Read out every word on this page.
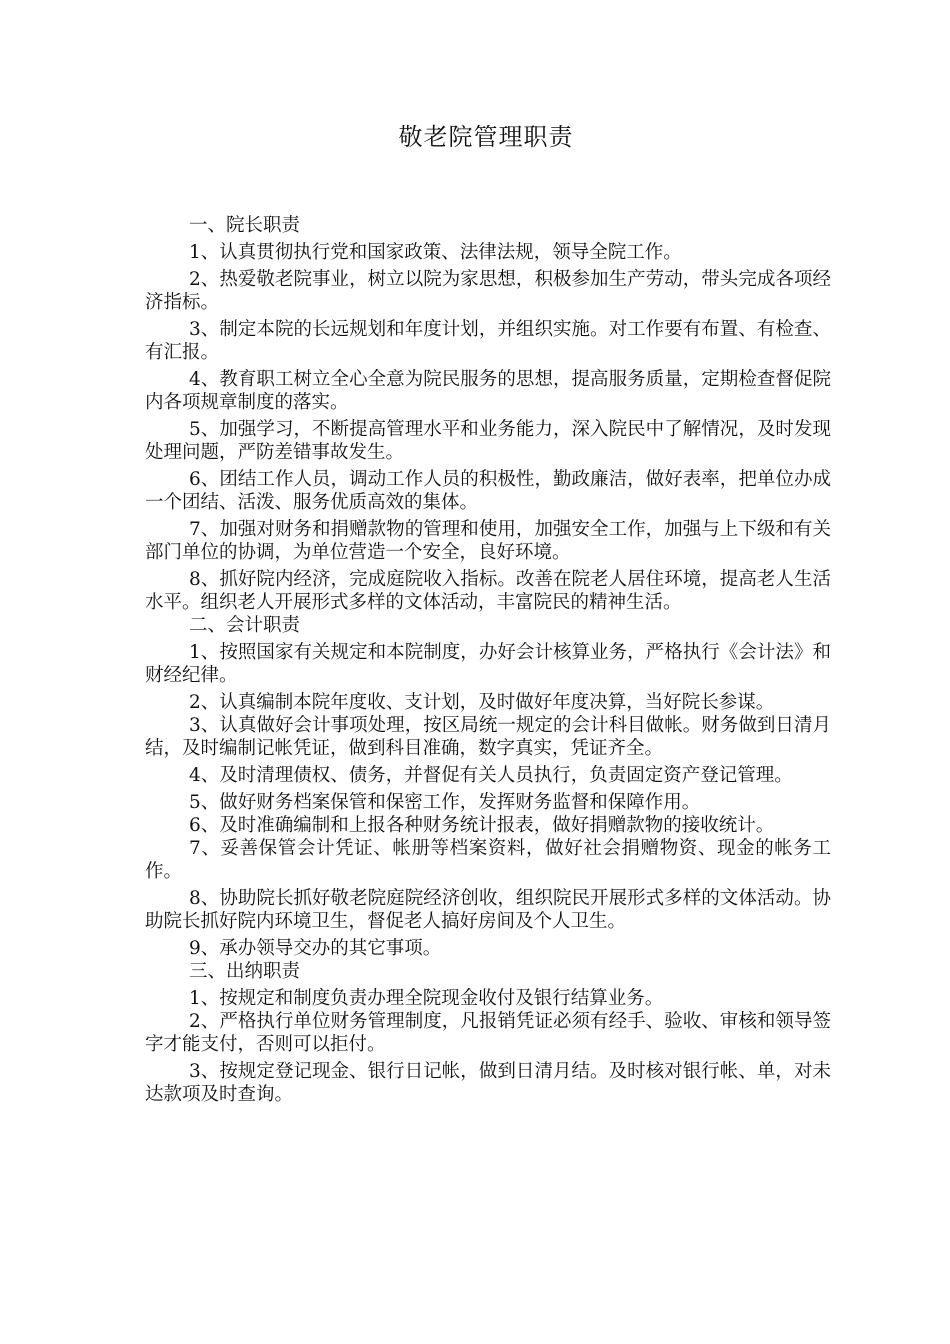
敬老院管理职责
一、院长职责

1、认真贯彻执行党和国家政策、法律法规，领导全院工作。

2、热爱敬老院事业，树立以院为家思想，积极参加生产劳动，带头完成各项经济指标。

3、制定本院的长远规划和年度计划，并组织实施。对工作要有布置、有检查、有汇报。

4、教育职工树立全心全意为院民服务的思想，提高服务质量，定期检查督促院内各项规章制度的落实。

5、加强学习，不断提高管理水平和业务能力，深入院民中了解情况，及时发现处理问题，严防差错事故发生。

6、团结工作人员，调动工作人员的积极性，勤政廉洁，做好表率，把单位办成一个团结、活泼、服务优质高效的集体。

7、加强对财务和捐赠款物的管理和使用，加强安全工作，加强与上下级和有关部门单位的协调，为单位营造一个安全，良好环境。

8、抓好院内经济，完成庭院收入指标。改善在院老人居住环境，提高老人生活水平。组织老人开展形式多样的文体活动，丰富院民的精神生活。

二、会计职责

1、按照国家有关规定和本院制度，办好会计核算业务，严格执行《会计法》和财经纪律。

2、认真编制本院年度收、支计划，及时做好年度决算，当好院长参谋。

3、认真做好会计事项处理，按区局统一规定的会计科目做帐。财务做到日清月结，及时编制记帐凭证，做到科目准确，数字真实，凭证齐全。

4、及时清理债权、债务，并督促有关人员执行，负责固定资产登记管理。

5、做好财务档案保管和保密工作，发挥财务监督和保障作用。

6、及时准确编制和上报各种财务统计报表，做好捐赠款物的接收统计。

7、妥善保管会计凭证、帐册等档案资料，做好社会捐赠物资、现金的帐务工作。

8、协助院长抓好敬老院庭院经济创收，组织院民开展形式多样的文体活动。协助院长抓好院内环境卫生，督促老人搞好房间及个人卫生。

9、承办领导交办的其它事项。

三、出纳职责

1、按规定和制度负责办理全院现金收付及银行结算业务。

2、严格执行单位财务管理制度，凡报销凭证必须有经手、验收、审核和领导签字才能支付，否则可以拒付。

3、按规定登记现金、银行日记帐，做到日清月结。及时核对银行帐、单，对未达款项及时查询。
